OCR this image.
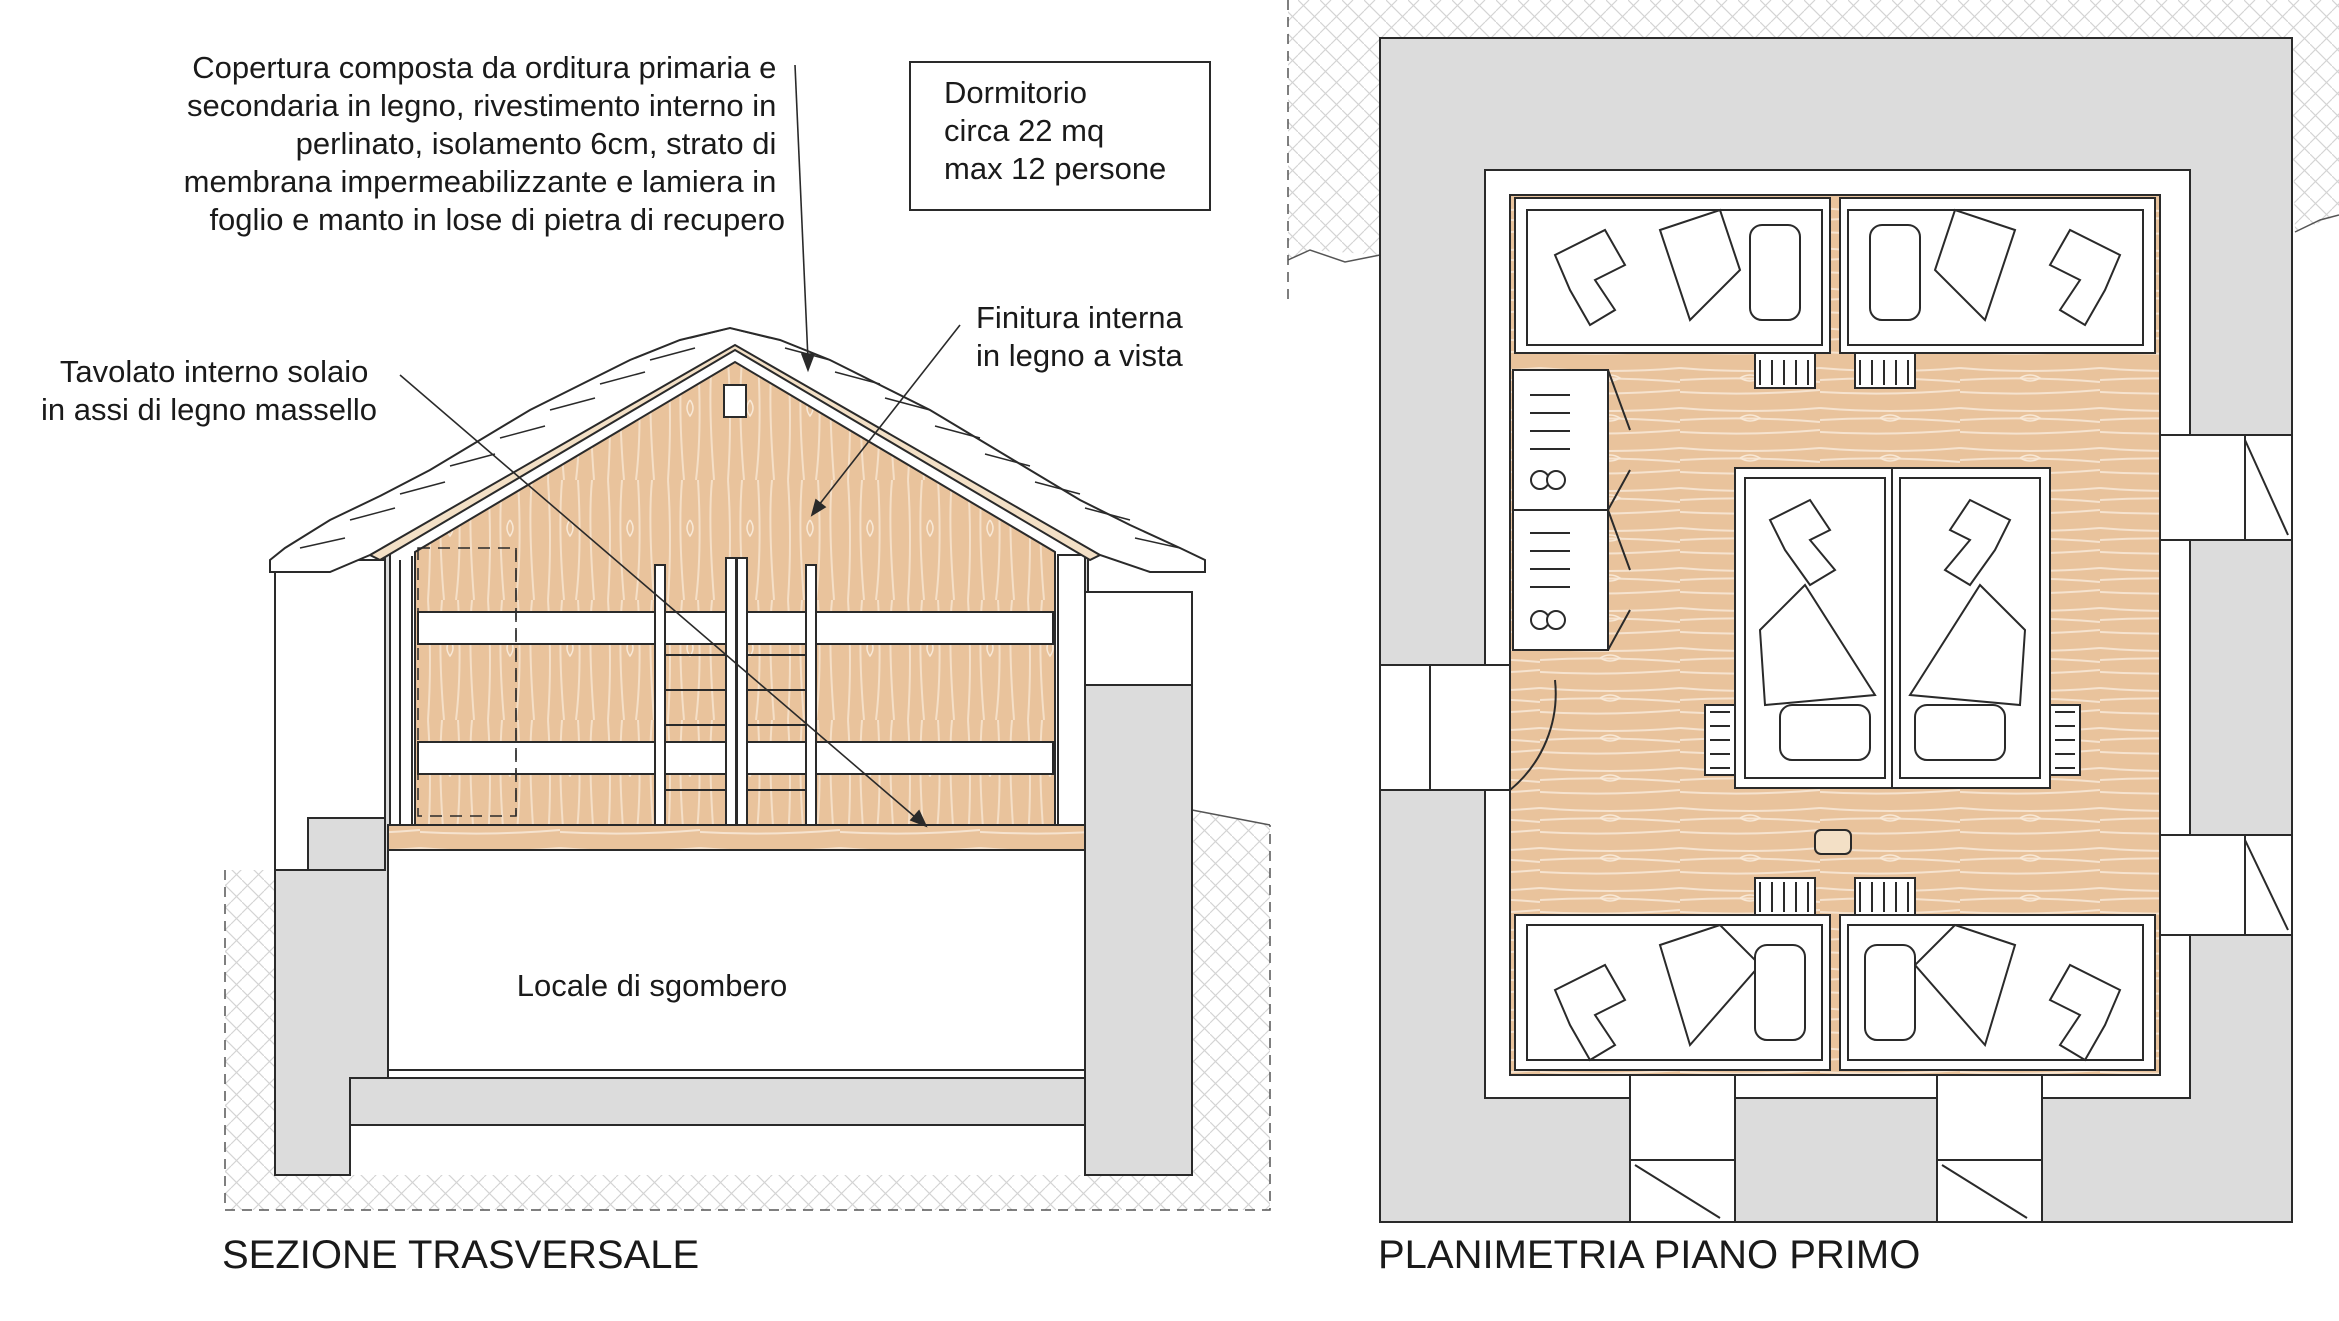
Copertura composta da orditura primaria e secondaria in legno, rivestimento interno in perlinato, isolamento 6cm, strato di membrana impermeabilizzante e lamiera in foglio e manto in lose di pietra di recupero
Tavolato interno solaio in assi di legno massello
Finitura interna in legno a vista
Locale di sgombero
SEZIONE TRASVERSALE
Dormitorio circa 22 mq max 12 persone
PLANIMETRIA PIANO PRIMO
